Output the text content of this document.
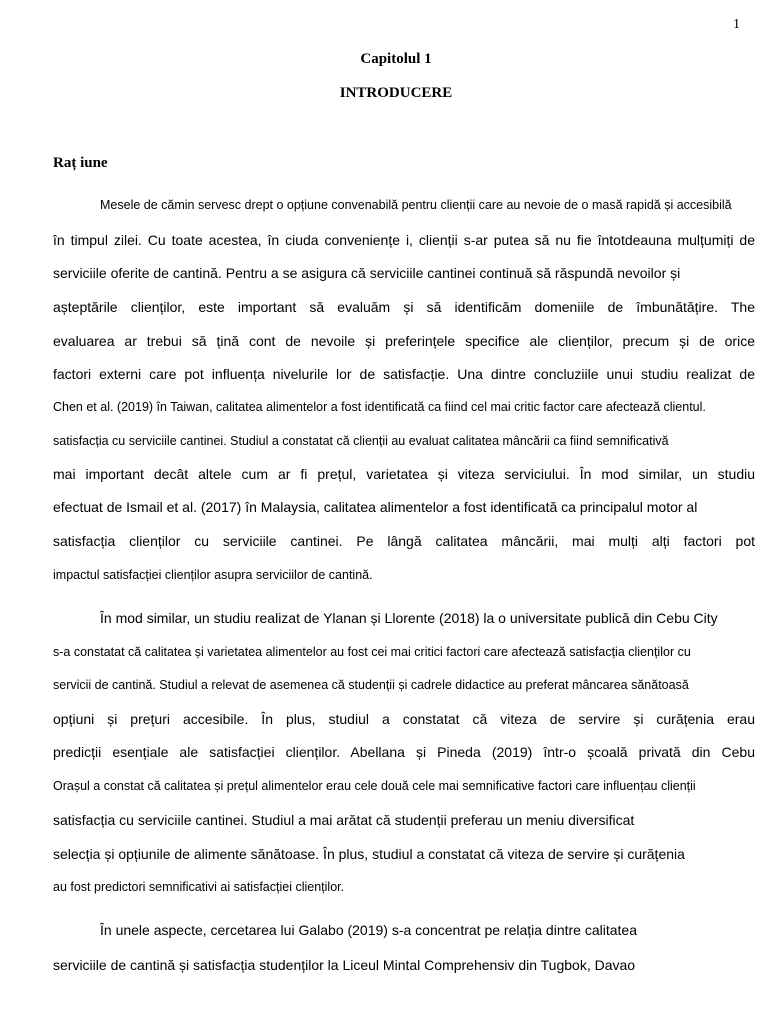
1
Capitolul 1
INTRODUCERE
Raț iune
Mesele de cămin servesc drept o opțiune convenabilă pentru clienții care au nevoie de o masă rapidă și accesibilă
în timpul zilei. Cu toate acestea, în ciuda conveniențe i, clienții s-ar putea să nu fie întotdeauna mulțumiți de
serviciile oferite de cantină. Pentru a se asigura că serviciile cantinei continuă să răspundă nevoilor și
așteptările clienților, este important să evaluăm și să identificăm domeniile de îmbunătățire. The
evaluarea ar trebui să țină cont de nevoile și preferințele specifice ale clienților, precum și de orice
factori externi care pot influența nivelurile lor de satisfacție. Una dintre concluziile unui studiu realizat de
Chen et al. (2019) în Taiwan, calitatea alimentelor a fost identificată ca fiind cel mai critic factor care afectează clientul.
satisfacția cu serviciile cantinei. Studiul a constatat că clienții au evaluat calitatea mâncării ca fiind semnificativă
mai important decât altele cum ar fi prețul, varietatea și viteza serviciului. În mod similar, un studiu
efectuat de Ismail et al. (2017) în Malaysia, calitatea alimentelor a fost identificată ca principalul motor al
satisfacția clienților cu serviciile cantinei. Pe lângă calitatea mâncării, mai mulți alți factori pot
impactul satisfacției clienților asupra serviciilor de cantină.
În mod similar, un studiu realizat de Ylanan și Llorente (2018) la o universitate publică din Cebu City
s-a constatat că calitatea și varietatea alimentelor au fost cei mai critici factori care afectează satisfacția clienților cu
servicii de cantină. Studiul a relevat de asemenea că studenții și cadrele didactice au preferat mâncarea sănătoasă
opțiuni și prețuri accesibile. În plus, studiul a constatat că viteza de servire și curățenia erau
predicții esențiale ale satisfacției clienților. Abellana și Pineda (2019) într-o școală privată din Cebu
Orașul a constat că calitatea și prețul alimentelor erau cele două cele mai semnificative factori care influențau clienții
satisfacția cu serviciile cantinei. Studiul a mai arătat că studenții preferau un meniu diversificat
selecția și opțiunile de alimente sănătoase. În plus, studiul a constatat că viteza de servire și curățenia
au fost predictori semnificativi ai satisfacției clienților.
În unele aspecte, cercetarea lui Galabo (2019) s-a concentrat pe relația dintre calitatea
serviciile de cantină și satisfacția studenților la Liceul Mintal Comprehensiv din Tugbok, Davao
